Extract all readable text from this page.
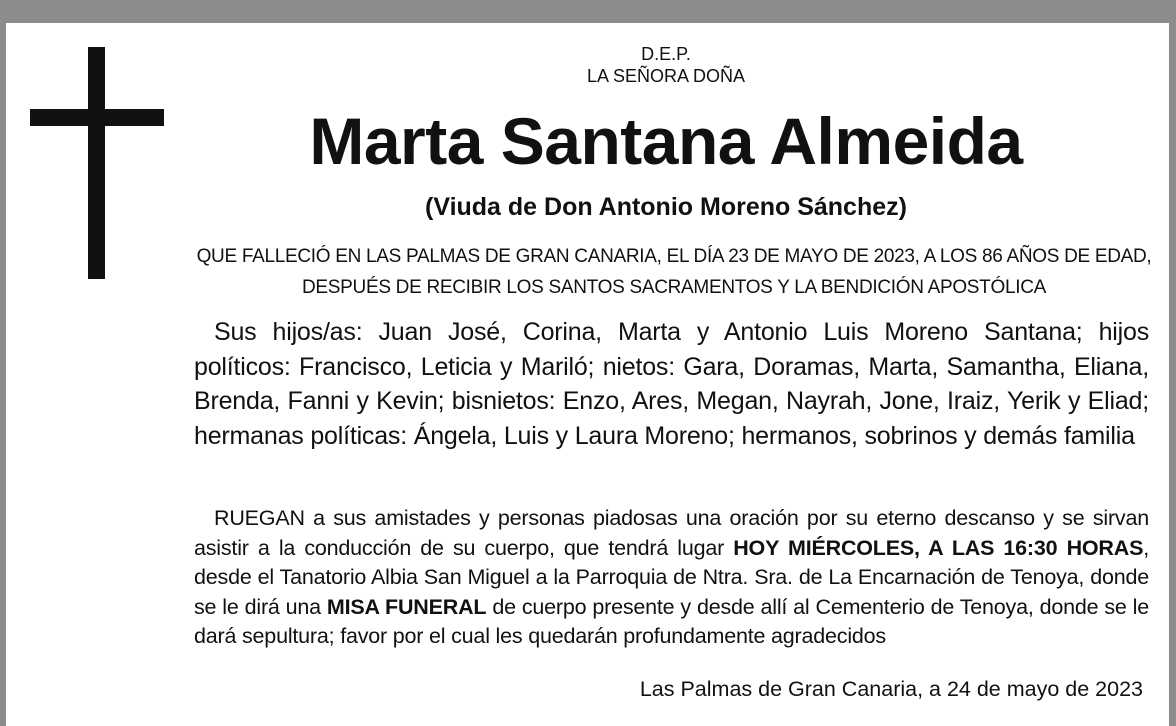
D.E.P.
LA SEÑORA DOÑA
Marta Santana Almeida
(Viuda de Don Antonio Moreno Sánchez)
QUE FALLECIÓ EN LAS PALMAS DE GRAN CANARIA, EL DÍA 23 DE MAYO DE 2023, A LOS 86 AÑOS DE EDAD, DESPUÉS DE RECIBIR LOS SANTOS SACRAMENTOS Y LA BENDICIÓN APOSTÓLICA
Sus hijos/as: Juan José, Corina, Marta y Antonio Luis Moreno Santana; hijos políticos: Francisco, Leticia y Mariló; nietos: Gara, Doramas, Marta, Samantha, Eliana, Brenda, Fanni y Kevin; bisnietos: Enzo, Ares, Megan, Nayrah, Jone, Iraiz, Yerik y Eliad; hermanas políticas: Ángela, Luis y Laura Moreno; hermanos, sobrinos y demás familia
RUEGAN a sus amistades y personas piadosas una oración por su eterno descanso y se sirvan asistir a la conducción de su cuerpo, que tendrá lugar HOY MIÉRCOLES, A LAS 16:30 HORAS, desde el Tanatorio Albia San Miguel a la Parroquia de Ntra. Sra. de La Encarnación de Tenoya, donde se le dirá una MISA FUNERAL de cuerpo presente y desde allí al Cementerio de Tenoya, donde se le dará sepultura; favor por el cual les quedarán profundamente agradecidos
Las Palmas de Gran Canaria, a 24 de mayo de 2023
